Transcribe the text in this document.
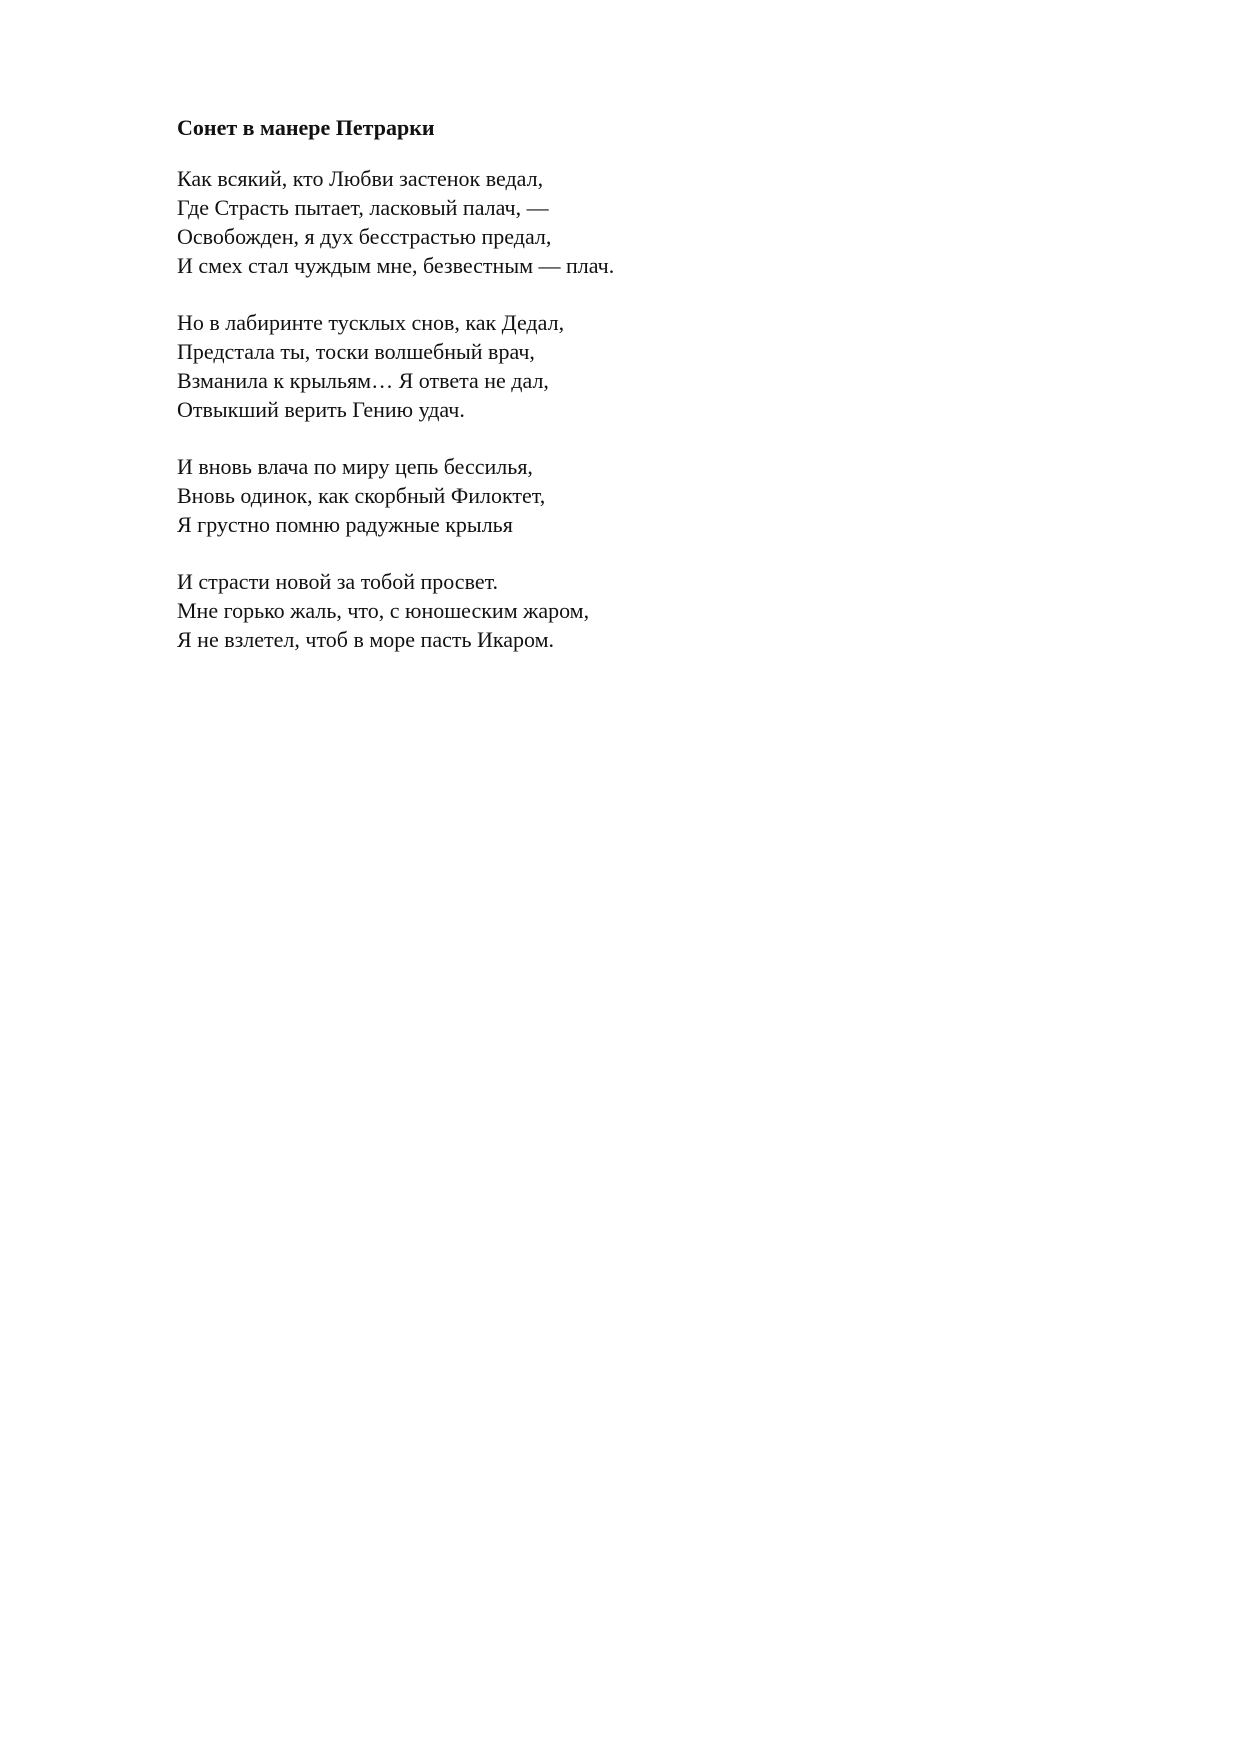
Сонет в манере Петрарки
Как всякий, кто Любви застенок ведал,
Где Страсть пытает, ласковый палач, —
Освобожден, я дух бесстрастью предал,
И смех стал чуждым мне, безвестным — плач.
Но в лабиринте тусклых снов, как Дедал,
Предстала ты, тоски волшебный врач,
Взманила к крыльям… Я ответа не дал,
Отвыкший верить Гению удач.
И вновь влача по миру цепь бессилья,
Вновь одинок, как скорбный Филоктет,
Я грустно помню радужные крылья
И страсти новой за тобой просвет.
Мне горько жаль, что, с юношеским жаром,
Я не взлетел, чтоб в море пасть Икаром.
